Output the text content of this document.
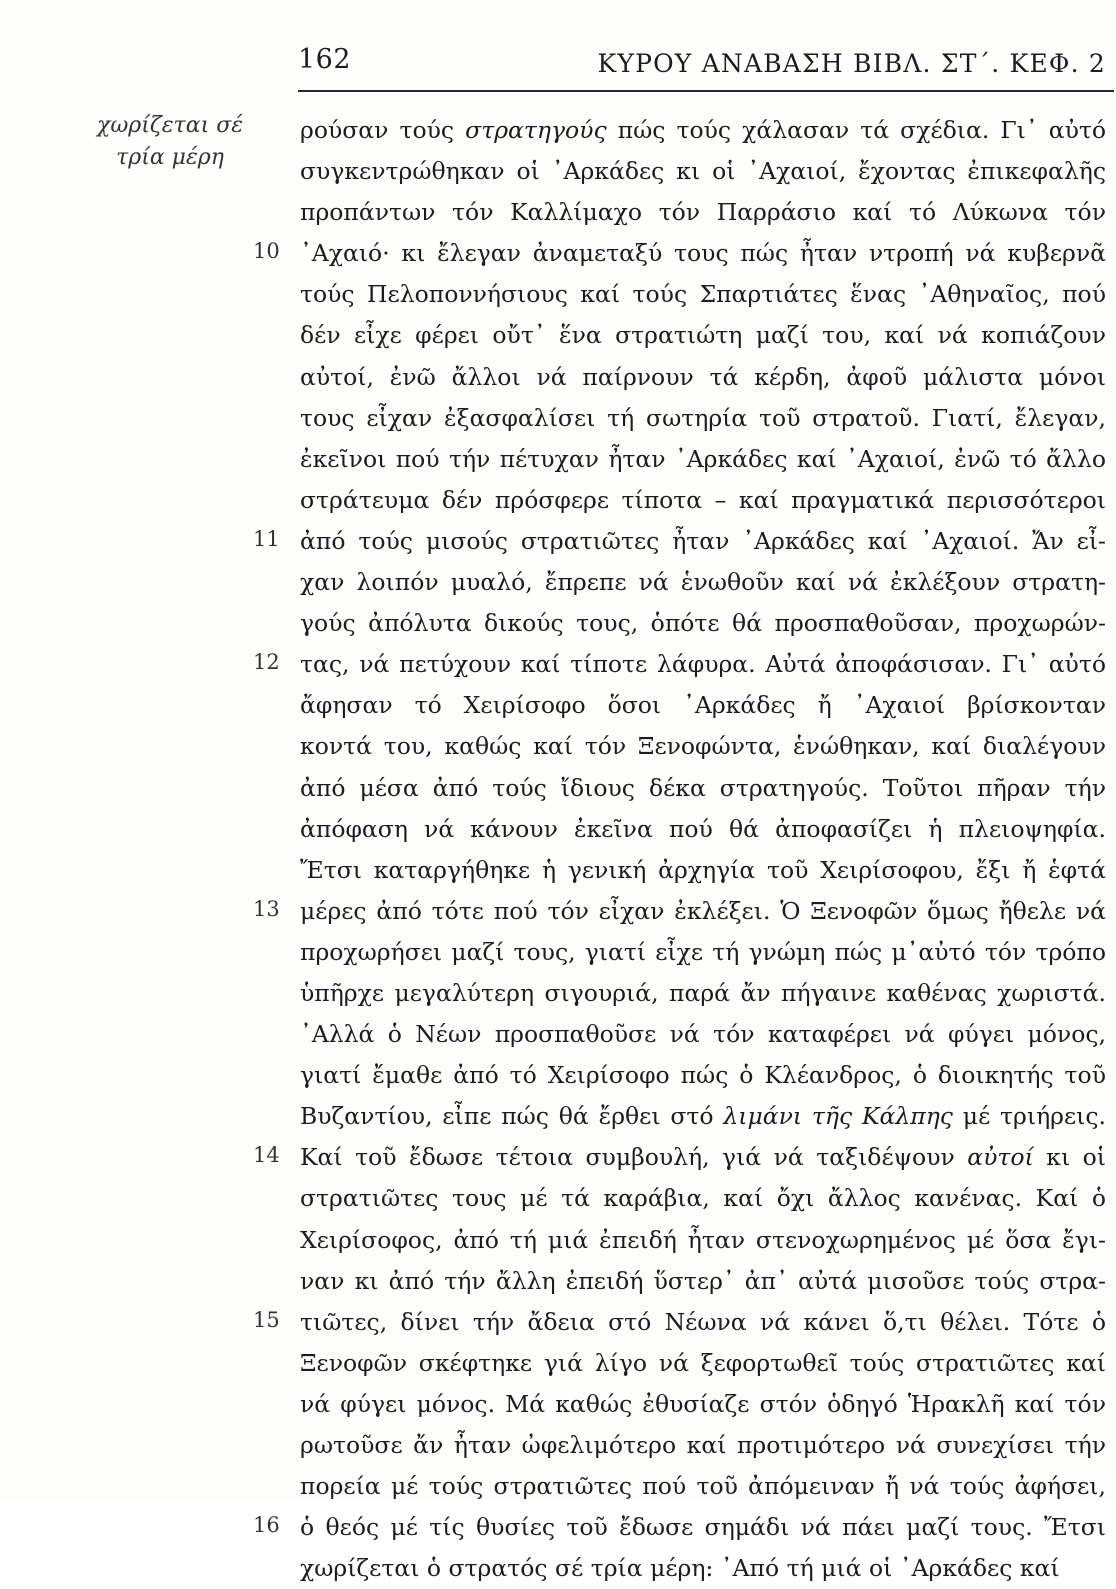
162	ΚΥΡΟΥ ΑΝΑΒΑΣΗ ΒΙΒΛ. ΣΤ΄. ΚΕΦ. 2
χωρίζεται σέ
τρία μέρη
ρούσαν τούς στρατηγούς πώς τούς χάλασαν τά σχέδια. Γι᾿ αὐτό
συγκεντρώθηκαν οἱ ᾿Αρκάδες κι οἱ ᾿Αχαιοί, ἔχοντας ἐπικεφαλῆς
προπάντων τόν Καλλίμαχο τόν Παρράσιο καί τό Λύκωνα τόν
10 ᾿Αχαιό· κι ἔλεγαν ἀναμεταξύ τους πώς ἦταν ντροπή νά κυβερνᾶ
τούς Πελοποννήσιους καί τούς Σπαρτιάτες ἕνας ᾿Αθηναῖος, πού
δέν εἶχε φέρει οὔτ᾿ ἕνα στρατιώτη μαζί του, καί νά κοπιάζουν
αὐτοί, ἐνῶ ἄλλοι νά παίρνουν τά κέρδη, ἀφοῦ μάλιστα μόνοι
τους εἶχαν ἐξασφαλίσει τή σωτηρία τοῦ στρατοῦ. Γιατί, ἔλεγαν,
ἐκεῖνοι πού τήν πέτυχαν ἦταν ᾿Αρκάδες καί ᾿Αχαιοί, ἐνῶ τό ἄλλο
στράτευμα δέν πρόσφερε τίποτα – καί πραγματικά περισσότεροι
11 ἀπό τούς μισούς στρατιῶτες ἦταν ᾿Αρκάδες καί ᾿Αχαιοί. Ἄν εἶ-
χαν λοιπόν μυαλό, ἔπρεπε νά ἑνωθοῦν καί νά ἐκλέξουν στρατη-
γούς ἀπόλυτα δικούς τους, ὁπότε θά προσπαθοῦσαν, προχωρών-
12 τας, νά πετύχουν καί τίποτε λάφυρα. Αὐτά ἀποφάσισαν. Γι᾿ αὐτό
ἄφησαν τό Χειρίσοφο ὅσοι ᾿Αρκάδες ἤ ᾿Αχαιοί βρίσκονταν
κοντά του, καθώς καί τόν Ξενοφώντα, ἑνώθηκαν, καί διαλέγουν
ἀπό μέσα ἀπό τούς ἴδιους δέκα στρατηγούς. Τοῦτοι πῆραν τήν
ἀπόφαση νά κάνουν ἐκεῖνα πού θά ἀποφασίζει ἡ πλειοψηφία.
Ἔτσι καταργήθηκε ἡ γενική ἀρχηγία τοῦ Χειρίσοφου, ἔξι ἤ ἑφτά
13 μέρες ἀπό τότε πού τόν εἶχαν ἐκλέξει. Ὁ Ξενοφῶν ὅμως ἤθελε νά
προχωρήσει μαζί τους, γιατί εἶχε τή γνώμη πώς μ᾿αὐτό τόν τρόπο
ὑπῆρχε μεγαλύτερη σιγουριά, παρά ἄν πήγαινε καθένας χωριστά.
᾿Αλλά ὁ Νέων προσπαθοῦσε νά τόν καταφέρει νά φύγει μόνος,
γιατί ἔμαθε ἀπό τό Χειρίσοφο πώς ὁ Κλέανδρος, ὁ διοικητής τοῦ
Βυζαντίου, εἶπε πώς θά ἔρθει στό λιμάνι τῆς Κάλπης μέ τριήρεις.
14 Καί τοῦ ἔδωσε τέτοια συμβουλή, γιά νά ταξιδέψουν αὐτοί κι οἱ
στρατιῶτες τους μέ τά καράβια, καί ὄχι ἄλλος κανένας. Καί ὁ
Χειρίσοφος, ἀπό τή μιά ἐπειδή ἦταν στενοχωρημένος μέ ὅσα ἔγι-
ναν κι ἀπό τήν ἄλλη ἐπειδή ὕστερ᾿ ἀπ᾿ αὐτά μισοῦσε τούς στρα-
15 τιῶτες, δίνει τήν ἄδεια στό Νέωνα νά κάνει ὅ,τι θέλει. Τότε ὁ
Ξενοφῶν σκέφτηκε γιά λίγο νά ξεφορτωθεῖ τούς στρατιῶτες καί
νά φύγει μόνος. Μά καθώς ἐθυσίαζε στόν ὁδηγό Ἡρακλῆ καί τόν
ρωτοῦσε ἄν ἦταν ὠφελιμότερο καί προτιμότερο νά συνεχίσει τήν
πορεία μέ τούς στρατιῶτες πού τοῦ ἀπόμειναν ἤ νά τούς ἀφήσει,
16 ὁ θεός μέ τίς θυσίες τοῦ ἔδωσε σημάδι νά πάει μαζί τους. Ἔτσι
χωρίζεται ὁ στρατός σέ τρία μέρη: ᾿Από τή μιά οἱ ᾿Αρκάδες καί
